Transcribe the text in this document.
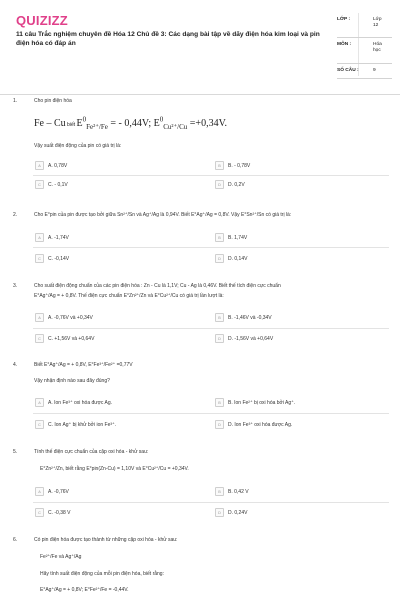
QUIZIZZ
11 câu Trắc nghiệm chuyên đề Hóa 12 Chủ đề 3: Các dạng bài tập về dãy điện hóa kim loại và pin điện hóa có đáp án
LỚP :	Lớp
12
MÔN :	Hóa
học
SỐ CÂU :	9
1.	Cho pin điện hóa
Fe – Cu biết $E^0_{Fe^{2+}/Fe}$ = - 0,44V; $E^0_{Cu^{2+}/Cu} =+0,34V$.
Vậy suất điện động của pin có giá trị là:
A	A. 0,78V	B	B. - 0,78V
C	C. - 0,1V	D	D. 0,2V
2.	Cho E°pin của pin được tạo bởi giữa Sn²⁺/Sn và Ag⁺/Ag là 0,94V. Biết E°Ag⁺/Ag = 0,8V. Vậy E°Sn²⁺/Sn có giá trị là:
A	A. -1,74V	B	B. 1,74V
C	C. -0,14V	D	D. 0,14V
3.	Cho suất điện động chuẩn của các pin điện hóa : Zn - Cu là 1,1V; Cu - Ag là 0,46V. Biết thế tích điện cực chuẩn
E°Ag⁺/Ag = + 0,8V. Thế điện cực chuẩn E°Zn²⁺/Zn và E°Cu²⁺/Cu có giá trị lần lượt là:
A	A. -0,76V và +0,34V	B	B. -1,46V và -0,34V
C	C. +1,56V và +0,64V	D	D. -1,56V và +0,64V
4.	Biết E°Ag⁺/Ag = + 0,8V, E°Fe³⁺/Fe²⁺ =0,77V
Vậy nhận định nào sau đây đúng?
A	A. Ion Fe³⁺ oxi hóa được Ag.	B	B. Ion Fe²⁺ bị oxi hóa bởi Ag⁺.
C	C. Ion Ag⁺ bị khử bởi ion Fe³⁺.	D	D. Ion Fe³⁺ oxi hóa được Ag.
5.	Tính thế điện cực chuẩn của cặp oxi hóa - khử sau:
E°Zn²⁺/Zn, biết rằng E°pin(Zn-Cu) = 1,10V và E°Cu²⁺/Cu = +0,34V.
A	A. -0,76V	B	B. 0,42 V
C	C. -0,38 V	D	D. 0,24V
6.	Có pin điện hóa được tạo thành từ những cặp oxi hóa - khử sau:
Fe²⁺/Fe và Ag⁺/Ag
Hãy tính suất điện động của mỗi pin điện hóa, biết rằng:
E°Ag⁺/Ag = + 0,8V; E°Fe²⁺/Fe = -0,44V.
